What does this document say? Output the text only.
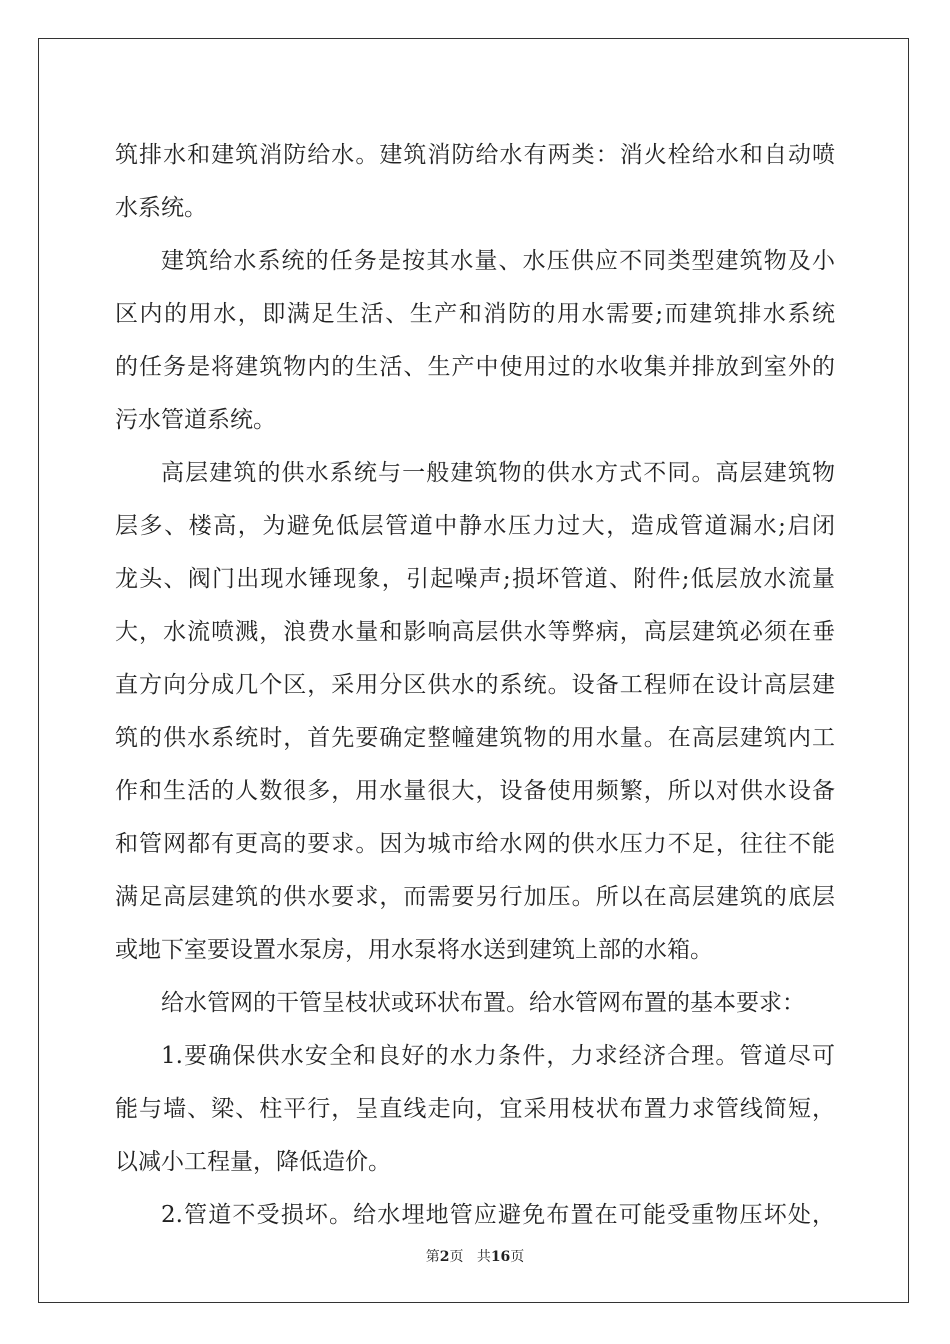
筑排水和建筑消防给水。建筑消防给水有两类：消火栓给水和自动喷
水系统。
建筑给水系统的任务是按其水量、水压供应不同类型建筑物及小
区内的用水，即满足生活、生产和消防的用水需要;而建筑排水系统
的任务是将建筑物内的生活、生产中使用过的水收集并排放到室外的
污水管道系统。
高层建筑的供水系统与一般建筑物的供水方式不同。高层建筑物
层多、楼高，为避免低层管道中静水压力过大，造成管道漏水;启闭
龙头、阀门出现水锤现象，引起噪声;损坏管道、附件;低层放水流量
大，水流喷溅，浪费水量和影响高层供水等弊病，高层建筑必须在垂
直方向分成几个区，采用分区供水的系统。设备工程师在设计高层建
筑的供水系统时，首先要确定整幢建筑物的用水量。在高层建筑内工
作和生活的人数很多，用水量很大，设备使用频繁，所以对供水设备
和管网都有更高的要求。因为城市给水网的供水压力不足，往往不能
满足高层建筑的供水要求，而需要另行加压。所以在高层建筑的底层
或地下室要设置水泵房，用水泵将水送到建筑上部的水箱。
给水管网的干管呈枝状或环状布置。给水管网布置的基本要求：
1.要确保供水安全和良好的水力条件，力求经济合理。管道尽可
能与墙、梁、柱平行，呈直线走向，宜采用枝状布置力求管线简短，
以减小工程量，降低造价。
2.管道不受损坏。给水埋地管应避免布置在可能受重物压坏处，
第2页 共16页
